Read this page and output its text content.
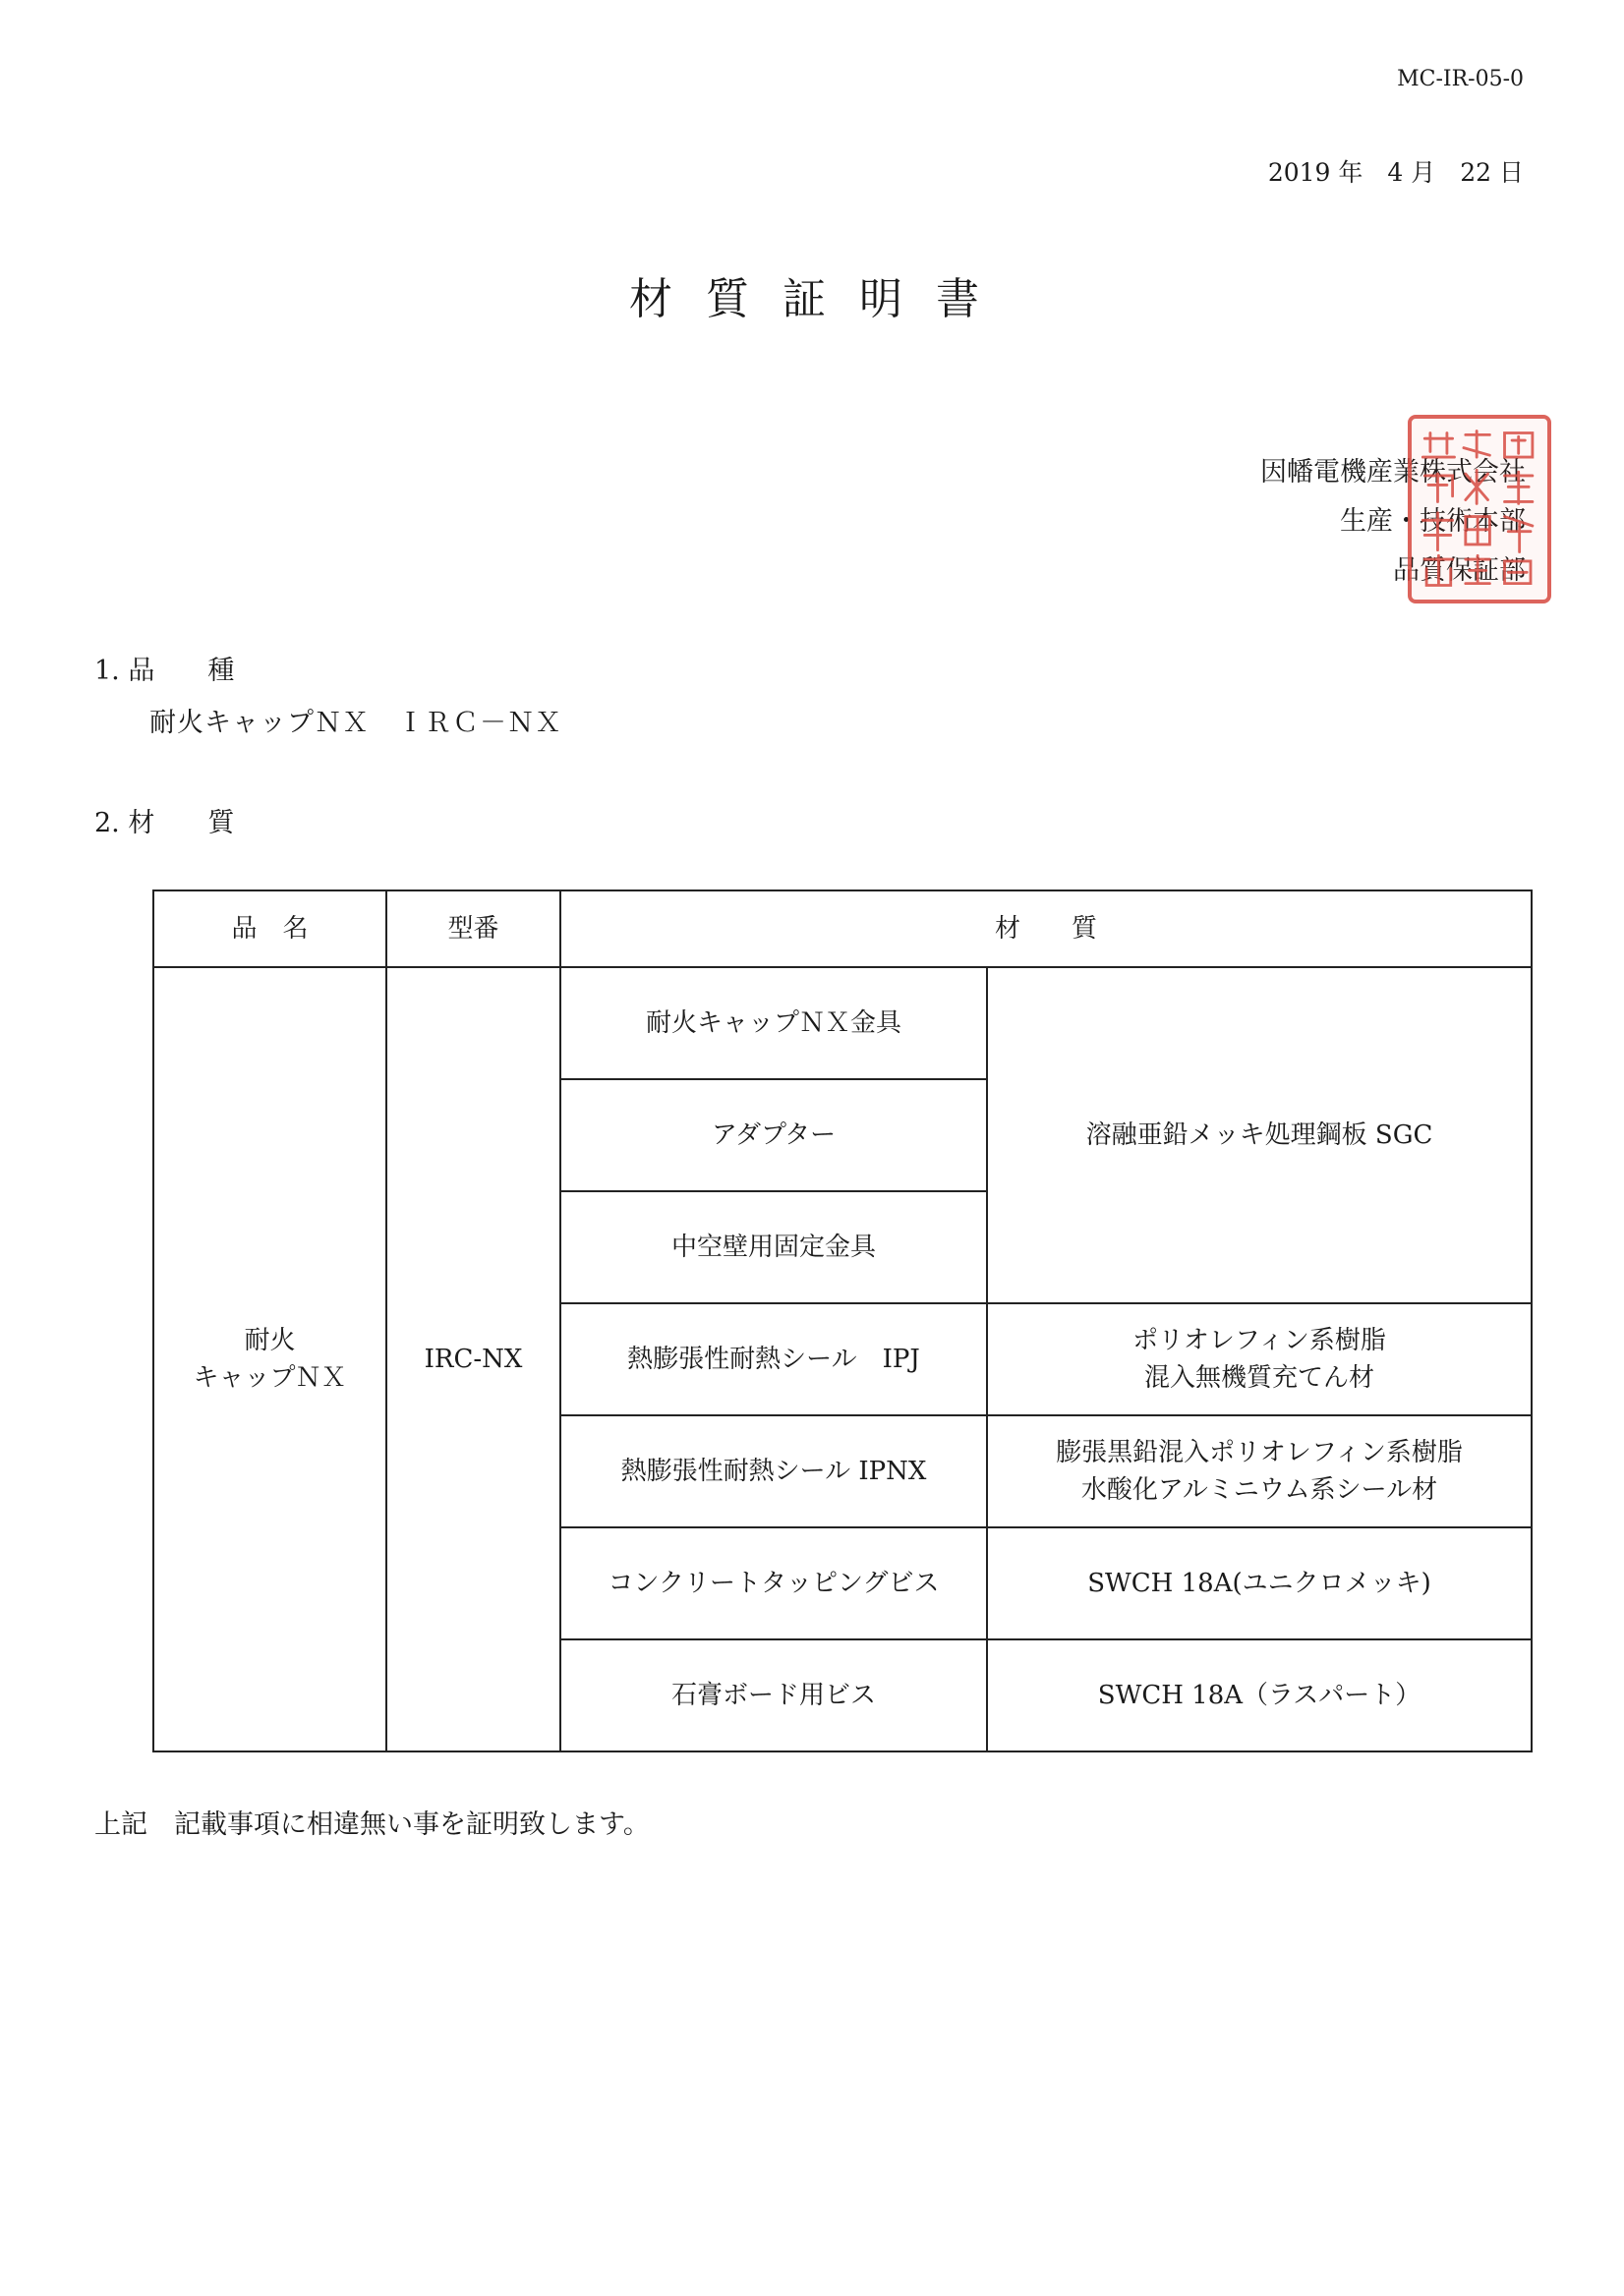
MC-IR-05-0
2019 年　4 月　22 日
材質証明書
因幡電機産業株式会社
生産・技術本部
品質保証部
1. 品　　種
耐火キャップＮＸ　ＩＲＣ－ＮＸ
2. 材　　質
品　名	型番	材　　質	

耐火
キャップＮＸ	IRC-NX	耐火キャップＮＸ金具	溶融亜鉛メッキ処理鋼板 SGC
		アダプター	
		中空壁用固定金具	
		熱膨張性耐熱シール　IPJ	ポリオレフィン系樹脂
混入無機質充てん材

		熱膨張性耐熱シール IPNX	膨張黒鉛混入ポリオレフィン系樹脂
水酸化アルミニウム系シール材

		コンクリートタッピングビス	SWCH 18A(ユニクロメッキ)
		石膏ボード用ビス	SWCH 18A（ラスパート）
上記　記載事項に相違無い事を証明致します。
